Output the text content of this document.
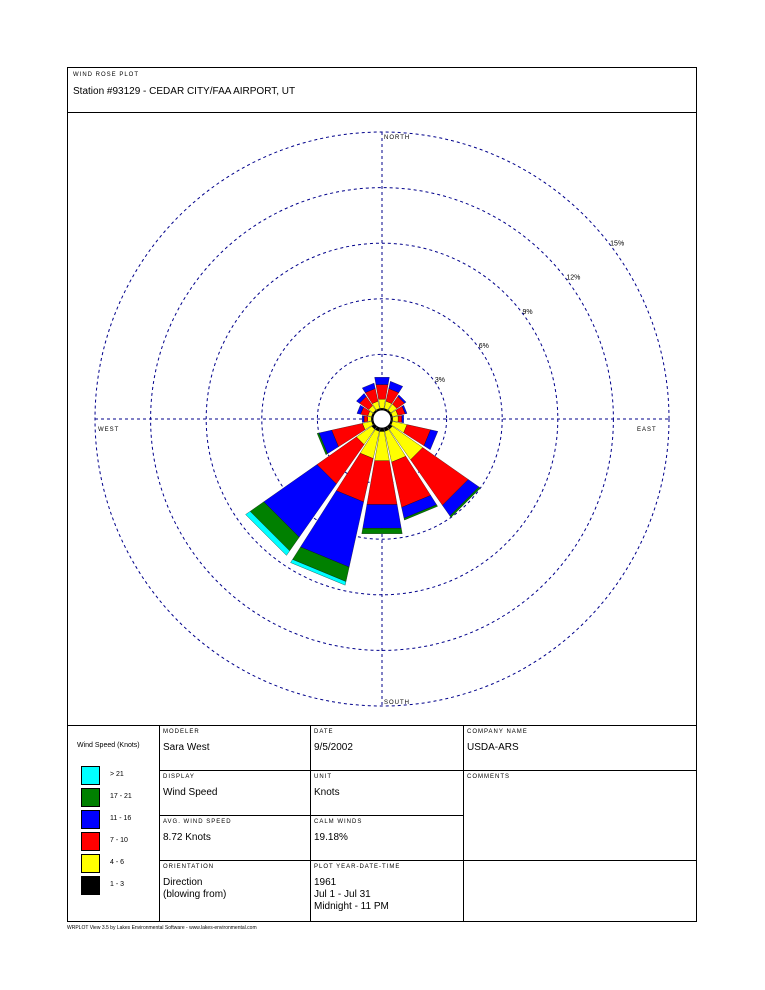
WIND ROSE PLOT
Station #93129 - CEDAR CITY/FAA AIRPORT, UT
3%
6%
9%
12%
15%
NORTH
SOUTH
EAST
WEST
Wind Speed (Knots)
> 21
17 - 21
11 - 16
7 - 10
4 - 6
1 - 3
MODELER
Sara West
DATE
9/5/2002
COMPANY NAME
USDA-ARS
DISPLAY
Wind Speed
UNIT
Knots
COMMENTS
AVG. WIND SPEED
8.72 Knots
CALM WINDS
19.18%
ORIENTATION
Direction
(blowing from)
PLOT YEAR-DATE-TIME
1961
Jul 1 - Jul 31
Midnight - 11 PM
WRPLOT View 3.5 by Lakes Environmental Software - www.lakes-environmental.com
